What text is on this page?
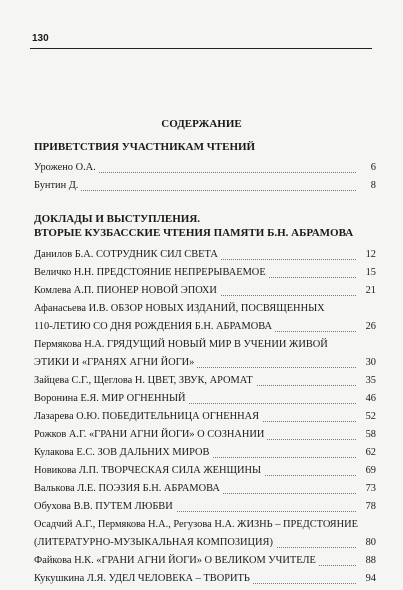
130
СОДЕРЖАНИЕ
ПРИВЕТСТВИЯ УЧАСТНИКАМ ЧТЕНИЙ
Урожено О.А.	6
Бунтин Д.	8
ДОКЛАДЫ И ВЫСТУПЛЕНИЯ.
ВТОРЫЕ КУЗБАССКИЕ ЧТЕНИЯ ПАМЯТИ Б.Н. АБРАМОВА
Данилов Б.А. СОТРУДНИК СИЛ СВЕТА	12
Величко Н.Н. ПРЕДСТОЯНИЕ НЕПРЕРЫВАЕМОЕ	15
Комлева А.П. ПИОНЕР НОВОЙ ЭПОХИ	21
Афанасьева И.В. ОБЗОР НОВЫХ ИЗДАНИЙ, ПОСВЯЩЕННЫХ
110-ЛЕТИЮ СО ДНЯ РОЖДЕНИЯ Б.Н. АБРАМОВА	26
Пермякова Н.А. ГРЯДУЩИЙ НОВЫЙ МИР В УЧЕНИИ ЖИВОЙ
ЭТИКИ И «ГРАНЯХ АГНИ ЙОГИ»	30
Зайцева С.Г., Щеглова Н. ЦВЕТ, ЗВУК, АРОМАТ	35
Воронина Е.Я. МИР ОГНЕННЫЙ	46
Лазарева О.Ю. ПОБЕДИТЕЛЬНИЦА ОГНЕННАЯ	52
Рожков А.Г. «ГРАНИ АГНИ ЙОГИ» О СОЗНАНИИ	58
Кулакова Е.С. ЗОВ ДАЛЬНИХ МИРОВ	62
Новикова Л.П. ТВОРЧЕСКАЯ СИЛА ЖЕНЩИНЫ	69
Валькова Л.Е. ПОЭЗИЯ Б.Н. АБРАМОВА	73
Обухова В.В. ПУТЕМ ЛЮБВИ	78
Осадчий А.Г., Пермякова Н.А., Регузова Н.А. ЖИЗНЬ – ПРЕДСТОЯНИЕ
(ЛИТЕРАТУРНО-МУЗЫКАЛЬНАЯ КОМПОЗИЦИЯ)	80
Файкова Н.К. «ГРАНИ АГНИ ЙОГИ» О ВЕЛИКОМ УЧИТЕЛЕ	88
Кукушкина Л.Я. УДЕЛ ЧЕЛОВЕКА – ТВОРИТЬ	94
